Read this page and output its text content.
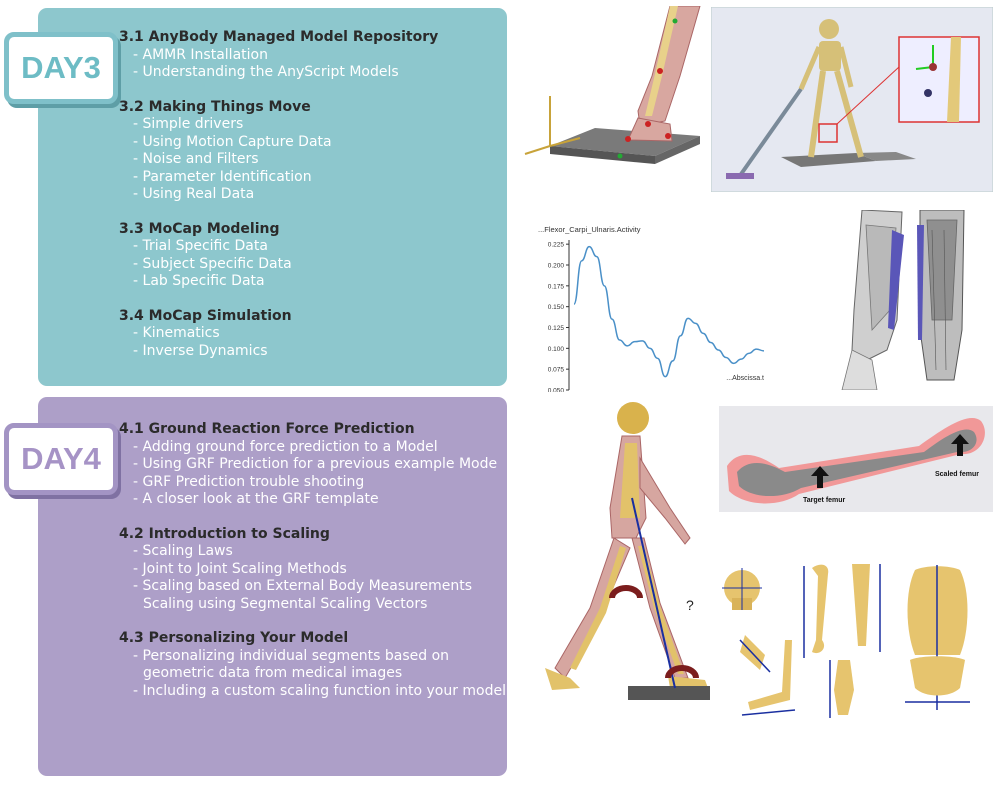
DAY3
3.1 AnyBody Managed Model Repository
- AMMR Installation
- Understanding the AnyScript Models
3.2 Making Things Move
- Simple drivers
- Using Motion Capture Data
- Noise and Filters
- Parameter Identification
- Using Real Data
3.3 MoCap Modeling
- Trial Specific Data
- Subject Specific Data
- Lab Specific Data
3.4 MoCap Simulation
- Kinematics
- Inverse Dynamics
DAY4
4.1 Ground Reaction Force Prediction
- Adding ground force prediction to a Model
- Using GRF Prediction for a previous example Mode
- GRF Prediction trouble shooting
- A closer look at the GRF template
4.2 Introduction to Scaling
- Scaling Laws
- Joint to Joint Scaling Methods
- Scaling based on External Body Measurements
Scaling using Segmental Scaling Vectors
4.3 Personalizing Your Model
- Personalizing individual segments based on
geometric data from medical images
- Including a custom scaling function into your model
...Flexor_Carpi_Ulnaris.Activity
0.225
0.200
0.175
0.150
0.125
0.100
0.075
0.050
...Abscissa.t
?
Target femur
Scaled femur
